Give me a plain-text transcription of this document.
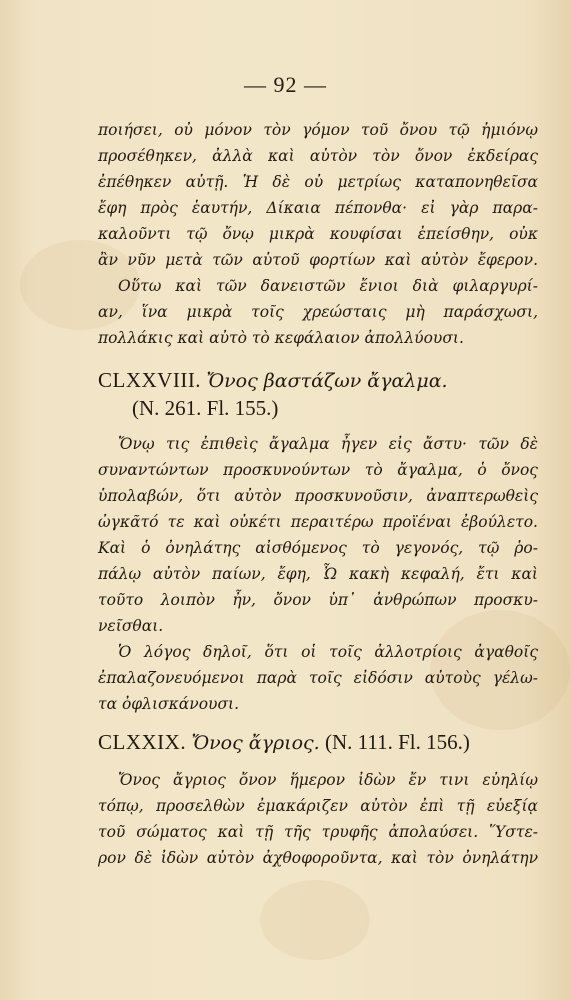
— 92 —
ποιήσει, οὐ μόνον τὸν γόμον τοῦ ὄνου τῷ ἡμιόνῳ
προσέθηκεν, ἀλλὰ καὶ αὐτὸν τὸν ὄνον ἐκδείρας
ἐπέθηκεν αὐτῇ. Ἡ δὲ οὐ μετρίως καταπονηθεῖσα
ἔφη πρὸς ἑαυτήν, Δίκαια πέπονθα· εἰ γὰρ παρα-
καλοῦντι τῷ ὄνῳ μικρὰ κουφίσαι ἐπείσθην, οὐκ
ἂν νῦν μετὰ τῶν αὐτοῦ φορτίων καὶ αὐτὸν ἔφερον.
Οὕτω καὶ τῶν δανειστῶν ἔνιοι διὰ φιλαργυρί-
αν, ἵνα μικρὰ τοῖς χρεώσταις μὴ παράσχωσι,
πολλάκις καὶ αὐτὸ τὸ κεφάλαιον ἀπολλύουσι.
CLXXVIII. Ὄνος βαστάζων ἄγαλμα.
(N. 261. Fl. 155.)
Ὄνῳ τις ἐπιθεὶς ἄγαλμα ἦγεν εἰς ἄστυ· τῶν δὲ
συναντώντων προσκυνούντων τὸ ἄγαλμα, ὁ ὄνος
ὑπολαβών, ὅτι αὐτὸν προσκυνοῦσιν, ἀναπτερωθεὶς
ὠγκᾶτό τε καὶ οὐκέτι περαιτέρω προϊέναι ἐβούλετο.
Καὶ ὁ ὀνηλάτης αἰσθόμενος τὸ γεγονός, τῷ ῥο-
πάλῳ αὐτὸν παίων, ἔφη, Ὦ κακὴ κεφαλή, ἔτι καὶ
τοῦτο λοιπὸν ἦν, ὄνον ὑπ᾽ ἀνθρώπων προσκυ-
νεῖσθαι.
Ὁ λόγος δηλοῖ, ὅτι οἱ τοῖς ἀλλοτρίοις ἀγαθοῖς
ἐπαλαζονευόμενοι παρὰ τοῖς εἰδόσιν αὐτοὺς γέλω-
τα ὀφλισκάνουσι.
CLXXIX. Ὄνος ἄγριος. (N. 111. Fl. 156.)
Ὄνος ἄγριος ὄνον ἥμερον ἰδὼν ἔν τινι εὐηλίῳ
τόπῳ, προσελθὼν ἐμακάριζεν αὐτὸν ἐπὶ τῇ εὐεξίᾳ
τοῦ σώματος καὶ τῇ τῆς τρυφῆς ἀπολαύσει. Ὕστε-
ρον δὲ ἰδὼν αὐτὸν ἀχθοφοροῦντα, καὶ τὸν ὀνηλάτην
